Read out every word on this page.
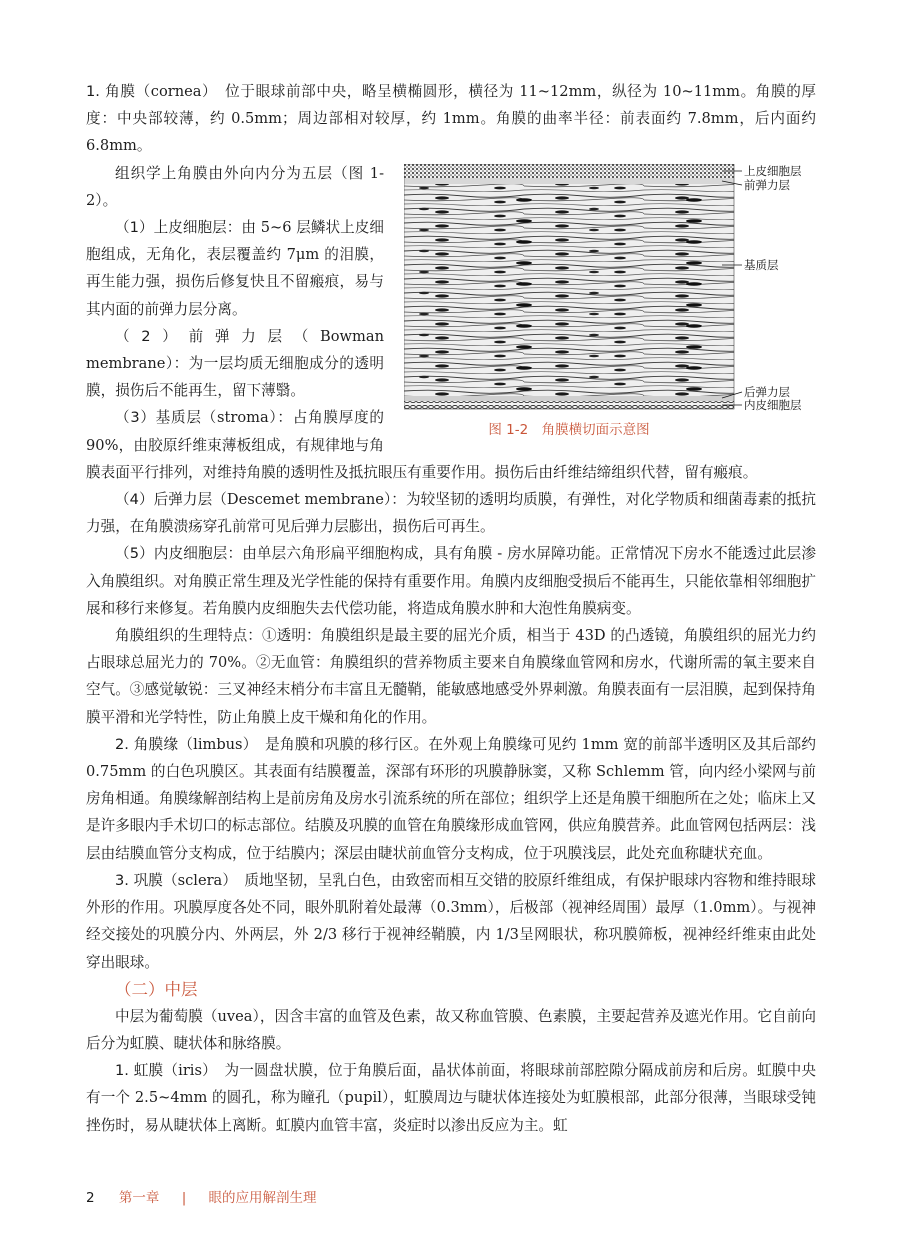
1. 角膜（cornea）　位于眼球前部中央，略呈横椭圆形，横径为 11~12mm，纵径为 10~11mm。角膜的厚度：中央部较薄，约 0.5mm；周边部相对较厚，约 1mm。角膜的曲率半径：前表面约 7.8mm，后内面约 6.8mm。

上皮细胞层
前弹力层
基质层
后弹力层
内皮细胞层
图 1-2　角膜横切面示意图

组织学上角膜由外向内分为五层（图 1-2）。

（1）上皮细胞层：由 5~6 层鳞状上皮细胞组成，无角化，表层覆盖约 7μm 的泪膜，再生能力强，损伤后修复快且不留瘢痕，易与其内面的前弹力层分离。

（2）前弹力层（Bowman membrane）：为一层均质无细胞成分的透明膜，损伤后不能再生，留下薄翳。

（3）基质层（stroma）：占角膜厚度的 90%，由胶原纤维束薄板组成，有规律地与角膜表面平行排列，对维持角膜的透明性及抵抗眼压有重要作用。损伤后由纤维结缔组织代替，留有瘢痕。

（4）后弹力层（Descemet membrane）：为较坚韧的透明均质膜，有弹性，对化学物质和细菌毒素的抵抗力强，在角膜溃疡穿孔前常可见后弹力层膨出，损伤后可再生。

（5）内皮细胞层：由单层六角形扁平细胞构成，具有角膜 - 房水屏障功能。正常情况下房水不能透过此层渗入角膜组织。对角膜正常生理及光学性能的保持有重要作用。角膜内皮细胞受损后不能再生，只能依靠相邻细胞扩展和移行来修复。若角膜内皮细胞失去代偿功能，将造成角膜水肿和大泡性角膜病变。

角膜组织的生理特点：①透明：角膜组织是最主要的屈光介质，相当于 43D 的凸透镜，角膜组织的屈光力约占眼球总屈光力的 70%。②无血管：角膜组织的营养物质主要来自角膜缘血管网和房水，代谢所需的氧主要来自空气。③感觉敏锐：三叉神经末梢分布丰富且无髓鞘，能敏感地感受外界刺激。角膜表面有一层泪膜，起到保持角膜平滑和光学特性，防止角膜上皮干燥和角化的作用。

2. 角膜缘（limbus）　是角膜和巩膜的移行区。在外观上角膜缘可见约 1mm 宽的前部半透明区及其后部约 0.75mm 的白色巩膜区。其表面有结膜覆盖，深部有环形的巩膜静脉窦，又称 Schlemm 管，向内经小梁网与前房角相通。角膜缘解剖结构上是前房角及房水引流系统的所在部位；组织学上还是角膜干细胞所在之处；临床上又是许多眼内手术切口的标志部位。结膜及巩膜的血管在角膜缘形成血管网，供应角膜营养。此血管网包括两层：浅层由结膜血管分支构成，位于结膜内；深层由睫状前血管分支构成，位于巩膜浅层，此处充血称睫状充血。

3. 巩膜（sclera）　质地坚韧，呈乳白色，由致密而相互交错的胶原纤维组成，有保护眼球内容物和维持眼球外形的作用。巩膜厚度各处不同，眼外肌附着处最薄（0.3mm），后极部（视神经周围）最厚（1.0mm）。与视神经交接处的巩膜分内、外两层，外 2/3 移行于视神经鞘膜，内 1/3呈网眼状，称巩膜筛板，视神经纤维束由此处穿出眼球。

（二）中层

中层为葡萄膜（uvea），因含丰富的血管及色素，故又称血管膜、色素膜，主要起营养及遮光作用。它自前向后分为虹膜、睫状体和脉络膜。

1. 虹膜（iris）　为一圆盘状膜，位于角膜后面，晶状体前面，将眼球前部腔隙分隔成前房和后房。虹膜中央有一个 2.5~4mm 的圆孔，称为瞳孔（pupil），虹膜周边与睫状体连接处为虹膜根部，此部分很薄，当眼球受钝挫伤时，易从睫状体上离断。虹膜内血管丰富，炎症时以渗出反应为主。虹

2 第一章 | 眼的应用解剖生理
